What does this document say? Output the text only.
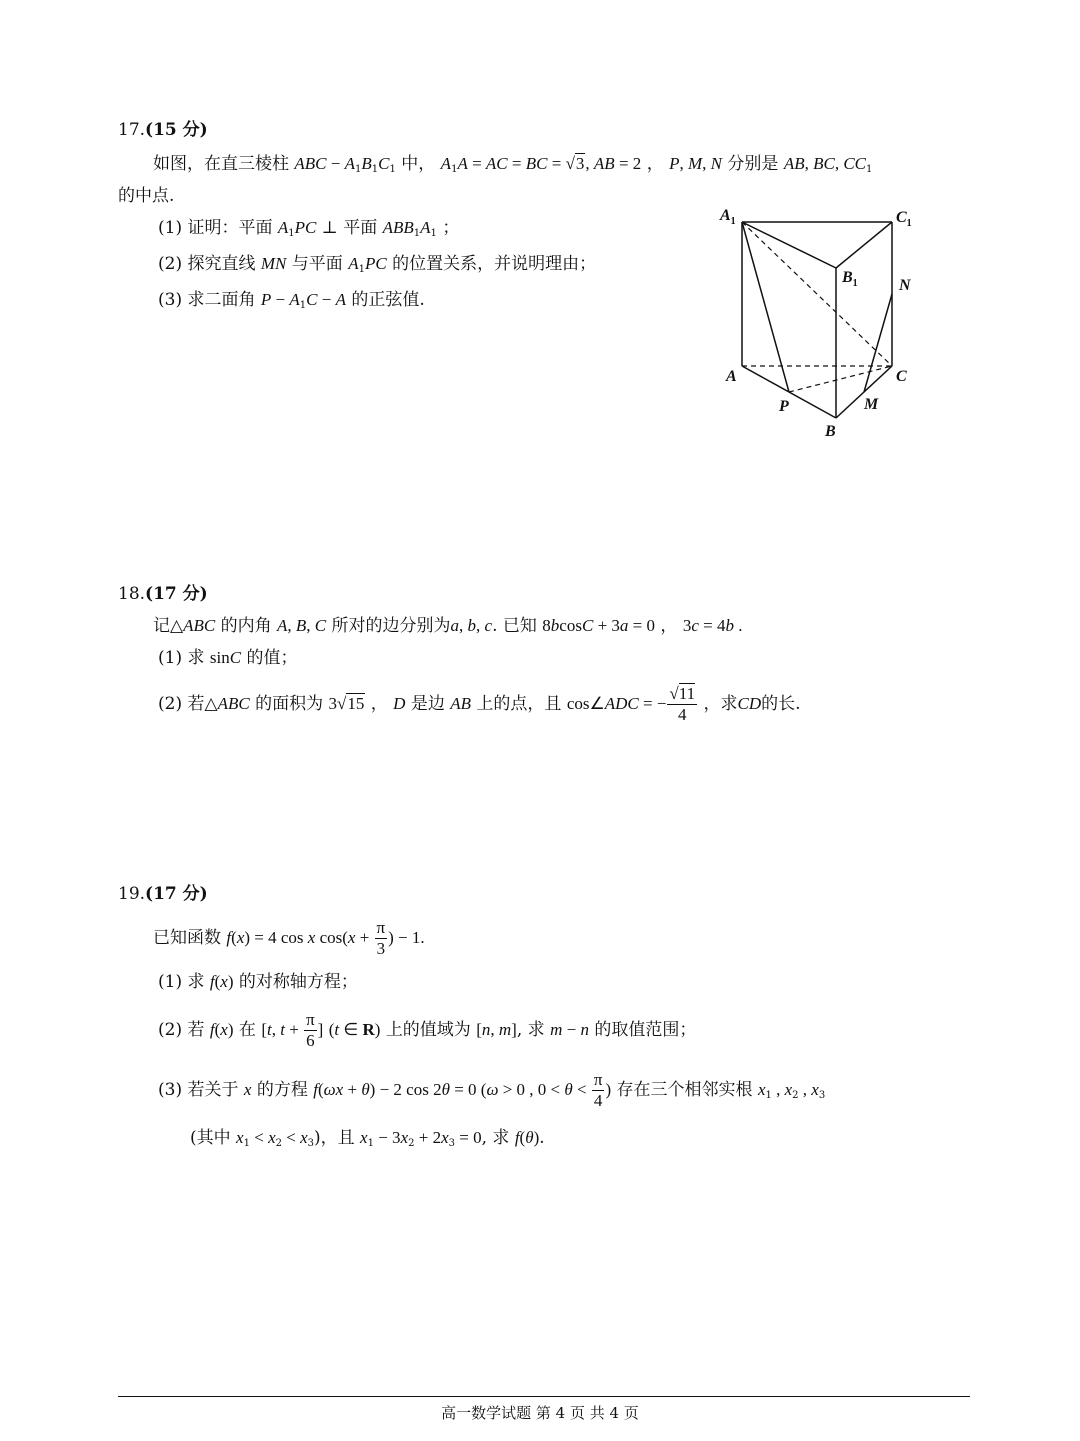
17.(15 分)
如图，在直三棱柱 ABC − $A_1B_1C_1$ 中， $A_1A$ = AC = BC = √3, AB = 2 ， P, M, N 分别是 AB, BC, $CC_1$
的中点.
(1) 证明：平面 $A_1PC$ ⊥ 平面 $ABB_1A_1$ ；
(2) 探究直线 MN 与平面 $A_1PC$ 的位置关系，并说明理由；
(3) 求二面角 $P - A_1C - A$ 的正弦值.
$A_1$	$C_1$
$B_1$	N
A	C
P	M
B
18.(17 分)
记△ABC 的内角 A, B, C 所对的边分别为a, b, c. 已知 8bcosC + 3a = 0 ， 3c = 4b .
(1) 求 sinC 的值；
(2) 若△ABC 的面积为 3√15 ， D 是边 AB 上的点，且 cos∠ADC = − $\frac{√11}{4}$ ，求CD的长.
19.(17 分)
已知函数 f(x) = 4 cos x $\cos(x + \frac{\pi}{3}$ ) − 1.
(1) 求 f(x) 的对称轴方程；
(2) 若 f(x) 在 [t, $t + \frac{\pi}{6}$ ] (t ∈ R) 上的值域为 [n, m], 求 m − n 的取值范围；
(3) 若关于 x 的方程 f(ωx + θ) − 2 cos 2θ = 0 (ω > 0 , $0 < \theta < \frac{\pi}{4}$ ) 存在三个相邻实根 $x_1$ , $x_2$ , $x_3$
(其中 $x_1 < x_2 < x_3$)，且 $x_1 - 3x_2 + 2x_3 = 0$, 求 f(θ).
高一数学试题 第 4 页 共 4 页
